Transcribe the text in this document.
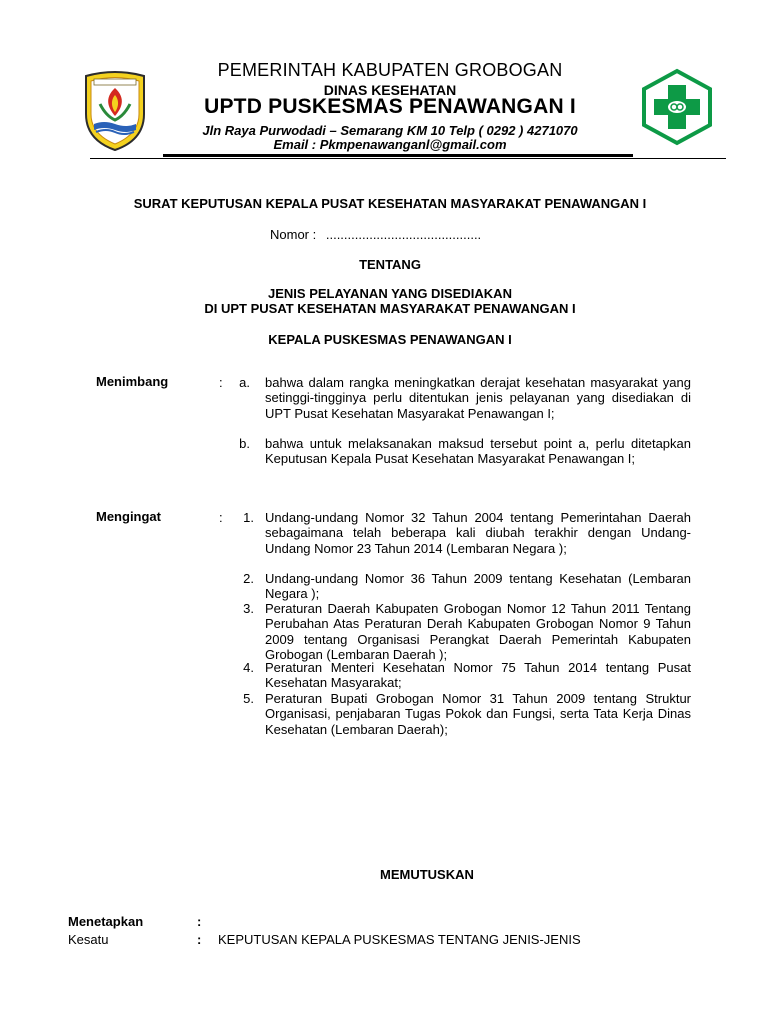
PEMERINTAH KABUPATEN GROBOGAN
DINAS KESEHATAN
UPTD PUSKESMAS PENAWANGAN I
Jln Raya Purwodadi – Semarang KM 10 Telp ( 0292 ) 4271070
Email : Pkmpenawanganl@gmail.com
SURAT KEPUTUSAN KEPALA PUSAT KESEHATAN MASYARAKAT PENAWANGAN I
Nomor : ...........................................
TENTANG
JENIS PELAYANAN YANG DISEDIAKAN
DI UPT PUSAT KESEHATAN MASYARAKAT PENAWANGAN I
KEPALA PUSKESMAS PENAWANGAN I
Menimbang	:	a. bahwa dalam rangka meningkatkan derajat kesehatan masyarakat yang setinggi-tingginya perlu ditentukan jenis pelayanan yang disediakan di UPT Pusat Kesehatan Masyarakat Penawangan I;
b. bahwa untuk melaksanakan maksud tersebut point a, perlu ditetapkan Keputusan Kepala Pusat Kesehatan Masyarakat Penawangan I;
Mengingat	:	1. Undang-undang Nomor 32 Tahun 2004 tentang Pemerintahan Daerah sebagaimana telah beberapa kali diubah terakhir dengan Undang-Undang Nomor 23 Tahun 2014 (Lembaran Negara );
2. Undang-undang Nomor 36 Tahun 2009 tentang Kesehatan (Lembaran Negara );
3. Peraturan Daerah Kabupaten Grobogan Nomor 12 Tahun 2011 Tentang Perubahan Atas Peraturan Derah Kabupaten Grobogan Nomor 9 Tahun 2009 tentang Organisasi Perangkat Daerah Pemerintah Kabupaten Grobogan (Lembaran Daerah );
4. Peraturan Menteri Kesehatan Nomor 75 Tahun 2014 tentang Pusat Kesehatan Masyarakat;
5. Peraturan Bupati Grobogan Nomor 31 Tahun 2009 tentang Struktur Organisasi, penjabaran Tugas Pokok dan Fungsi, serta Tata Kerja Dinas Kesehatan (Lembaran Daerah);
MEMUTUSKAN
Menetapkan	:
Kesatu	: KEPUTUSAN KEPALA PUSKESMAS TENTANG JENIS-JENIS
